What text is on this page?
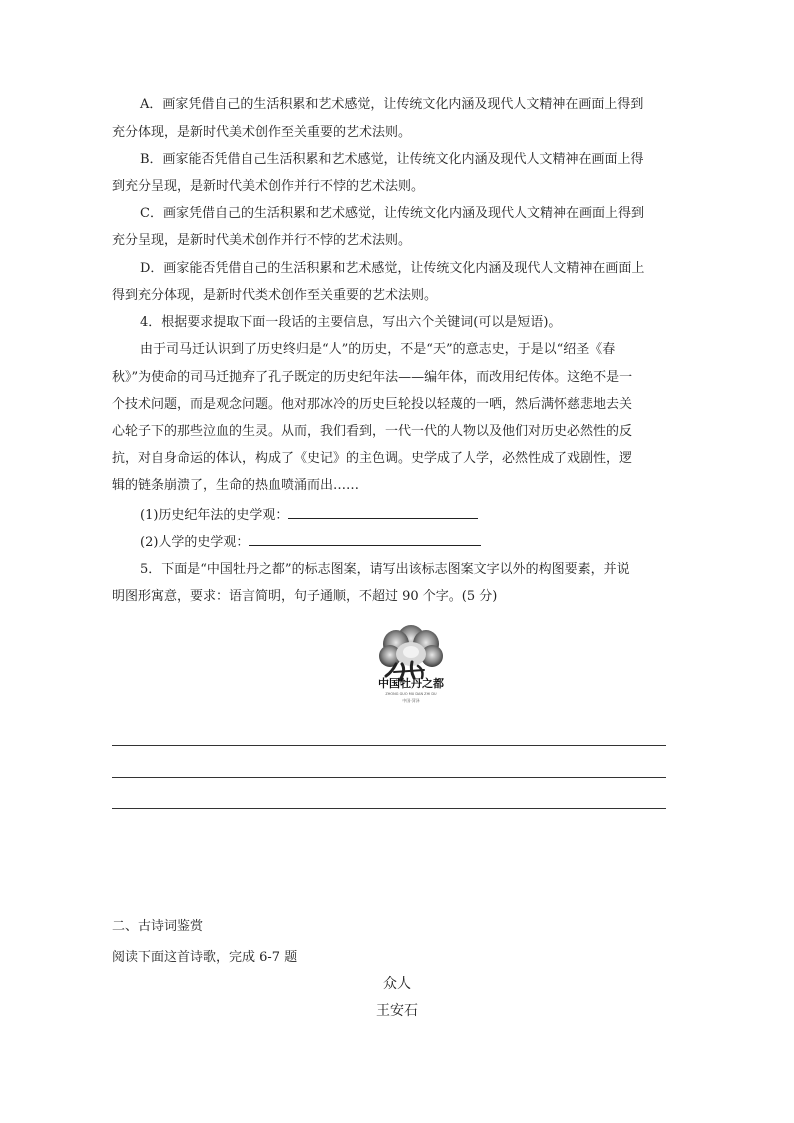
A．画家凭借自己的生活积累和艺术感觉，让传统文化内涵及现代人文精神在画面上得到
充分体现，是新时代美术创作至关重要的艺术法则。
B．画家能否凭借自己生活积累和艺术感觉，让传统文化内涵及现代人文精神在画面上得
到充分呈现，是新时代美术创作并行不悖的艺术法则。
C．画家凭借自己的生活积累和艺术感觉，让传统文化内涵及现代人文精神在画面上得到
充分呈现，是新时代美术创作并行不悖的艺术法则。
D．画家能否凭借自己的生活积累和艺术感觉，让传统文化内涵及现代人文精神在画面上
得到充分体现，是新时代类术创作至关重要的艺术法则。
4．根据要求提取下面一段话的主要信息，写出六个关键词(可以是短语)。
由于司马迁认识到了历史终归是“人”的历史，不是“天”的意志史，于是以“绍圣《春
秋》”为使命的司马迁抛弃了孔子既定的历史纪年法——编年体，而改用纪传体。这绝不是一
个技术问题，而是观念问题。他对那冰冷的历史巨轮投以轻蔑的一哂，然后满怀慈悲地去关
心轮子下的那些泣血的生灵。从而，我们看到，一代一代的人物以及他们对历史必然性的反
抗，对自身命运的体认，构成了《史记》的主色调。史学成了人学，必然性成了戏剧性，逻
辑的链条崩溃了，生命的热血喷涌而出……
(1)历史纪年法的史学观：
(2)人学的史学观：
5．下面是“中国牡丹之都”的标志图案，请写出该标志图案文字以外的构图要素，并说
明图形寓意，要求：语言简明，句子通顺，不超过 90 个字。(5 分)
中国牡丹之都
ZHONG GUO MU DAN ZHI DU
中国·菏泽
二、古诗词鉴赏
阅读下面这首诗歌，完成 6-7 题
众人
王安石
